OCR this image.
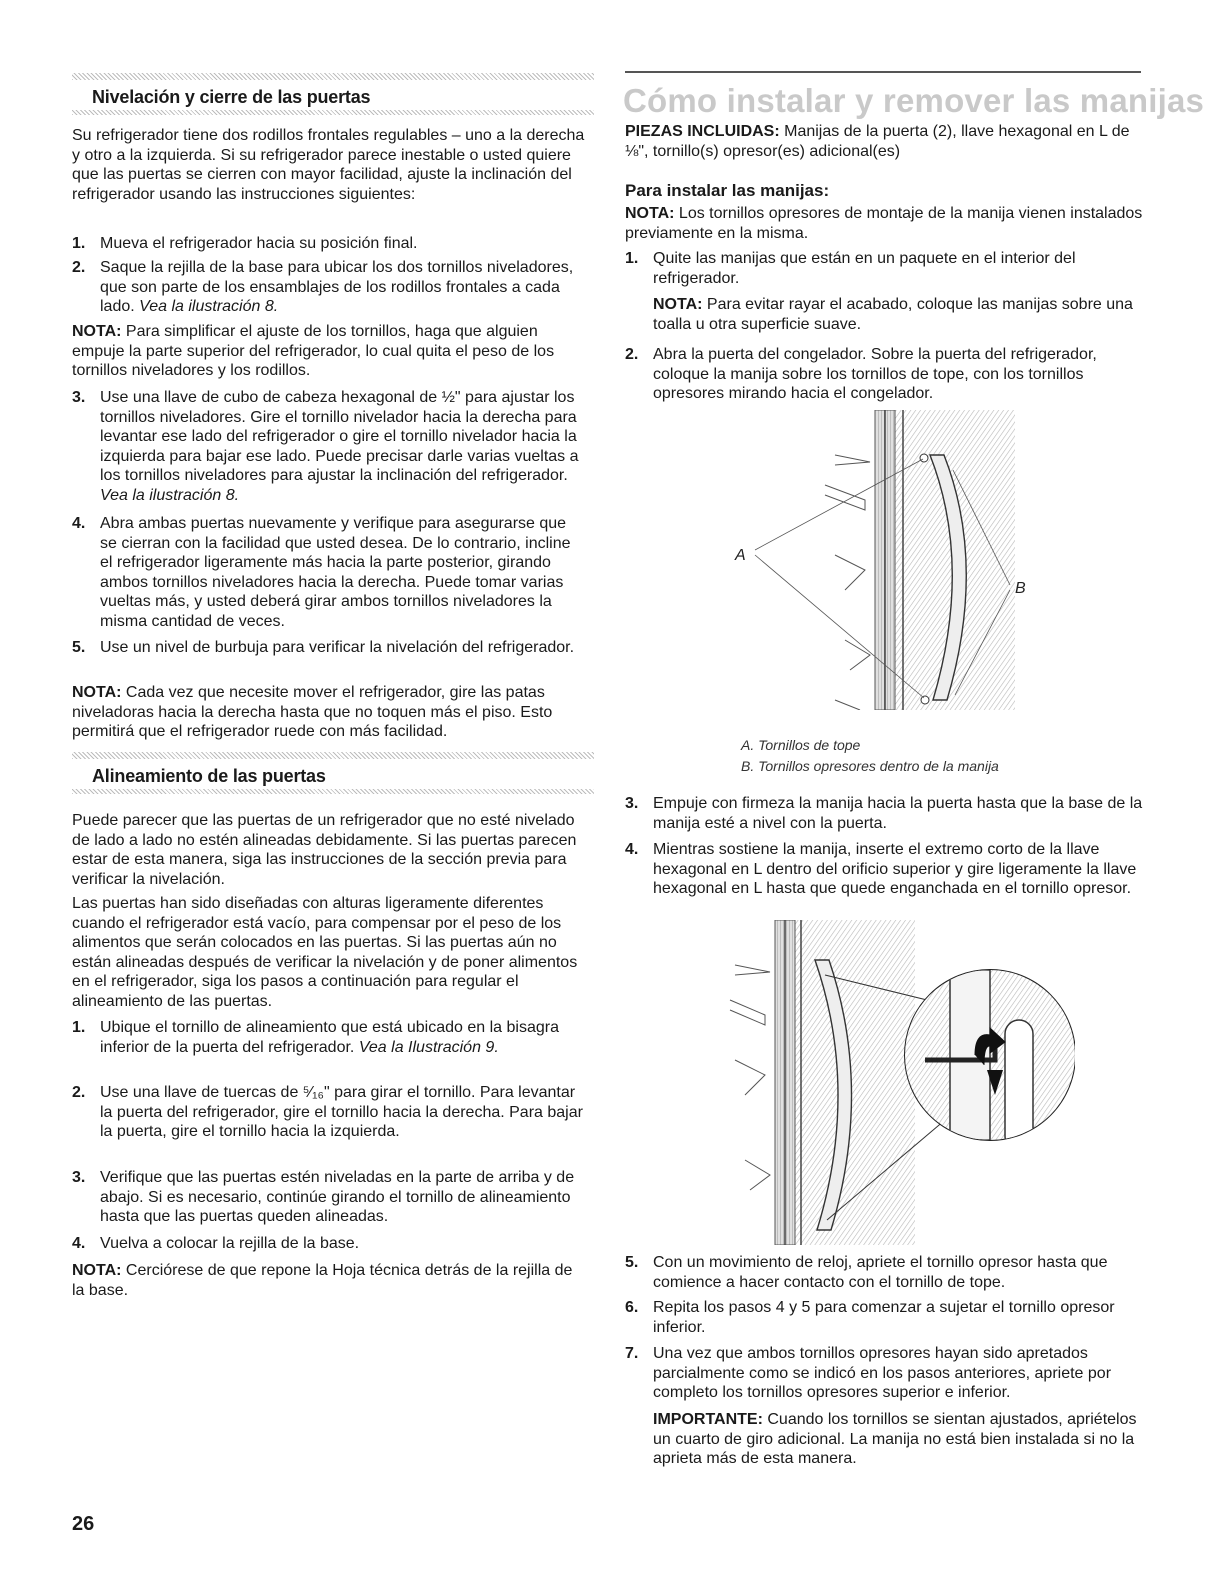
Nivelación y cierre de las puertas
Su refrigerador tiene dos rodillos frontales regulables – uno a la derecha y otro a la izquierda. Si su refrigerador parece inestable o usted quiere que las puertas se cierren con mayor facilidad, ajuste la inclinación del refrigerador usando las instrucciones siguientes:
1. Mueva el refrigerador hacia su posición final.
2. Saque la rejilla de la base para ubicar los dos tornillos niveladores, que son parte de los ensamblajes de los rodillos frontales a cada lado. Vea la ilustración 8.
NOTA: Para simplificar el ajuste de los tornillos, haga que alguien empuje la parte superior del refrigerador, lo cual quita el peso de los tornillos niveladores y los rodillos.
3. Use una llave de cubo de cabeza hexagonal de ½" para ajustar los tornillos niveladores. Gire el tornillo nivelador hacia la derecha para levantar ese lado del refrigerador o gire el tornillo nivelador hacia la izquierda para bajar ese lado. Puede precisar darle varias vueltas a los tornillos niveladores para ajustar la inclinación del refrigerador. Vea la ilustración 8.
4. Abra ambas puertas nuevamente y verifique para asegurarse que se cierran con la facilidad que usted desea. De lo contrario, incline el refrigerador ligeramente más hacia la parte posterior, girando ambos tornillos niveladores hacia la derecha. Puede tomar varias vueltas más, y usted deberá girar ambos tornillos niveladores la misma cantidad de veces.
5. Use un nivel de burbuja para verificar la nivelación del refrigerador.
NOTA: Cada vez que necesite mover el refrigerador, gire las patas niveladoras hacia la derecha hasta que no toquen más el piso. Esto permitirá que el refrigerador ruede con más facilidad.
Alineamiento de las puertas
Puede parecer que las puertas de un refrigerador que no esté nivelado de lado a lado no estén alineadas debidamente. Si las puertas parecen estar de esta manera, siga las instrucciones de la sección previa para verificar la nivelación.
Las puertas han sido diseñadas con alturas ligeramente diferentes cuando el refrigerador está vacío, para compensar por el peso de los alimentos que serán colocados en las puertas. Si las puertas aún no están alineadas después de verificar la nivelación y de poner alimentos en el refrigerador, siga los pasos a continuación para regular el alineamiento de las puertas.
1. Ubique el tornillo de alineamiento que está ubicado en la bisagra inferior de la puerta del refrigerador. Vea la Ilustración 9.
2. Use una llave de tuercas de ⁵⁄₁₆" para girar el tornillo. Para levantar la puerta del refrigerador, gire el tornillo hacia la derecha. Para bajar la puerta, gire el tornillo hacia la izquierda.
3. Verifique que las puertas estén niveladas en la parte de arriba y de abajo. Si es necesario, continúe girando el tornillo de alineamiento hasta que las puertas queden alineadas.
4. Vuelva a colocar la rejilla de la base.
NOTA: Cerciórese de que repone la Hoja técnica detrás de la rejilla de la base.
Cómo instalar y remover las manijas
PIEZAS INCLUIDAS: Manijas de la puerta (2), llave hexagonal en L de ⅛", tornillo(s) opresor(es) adicional(es)
Para instalar las manijas:
NOTA: Los tornillos opresores de montaje de la manija vienen instalados previamente en la misma.
1. Quite las manijas que están en un paquete en el interior del refrigerador.
NOTA: Para evitar rayar el acabado, coloque las manijas sobre una toalla u otra superficie suave.
2. Abra la puerta del congelador. Sobre la puerta del refrigerador, coloque la manija sobre los tornillos de tope, con los tornillos opresores mirando hacia el congelador.
A
B
A. Tornillos de tope
B. Tornillos opresores dentro de la manija
3. Empuje con firmeza la manija hacia la puerta hasta que la base de la manija esté a nivel con la puerta.
4. Mientras sostiene la manija, inserte el extremo corto de la llave hexagonal en L dentro del orificio superior y gire ligeramente la llave hexagonal en L hasta que quede enganchada en el tornillo opresor.
5. Con un movimiento de reloj, apriete el tornillo opresor hasta que comience a hacer contacto con el tornillo de tope.
6. Repita los pasos 4 y 5 para comenzar a sujetar el tornillo opresor inferior.
7. Una vez que ambos tornillos opresores hayan sido apretados parcialmente como se indicó en los pasos anteriores, apriete por completo los tornillos opresores superior e inferior.
IMPORTANTE: Cuando los tornillos se sientan ajustados, apriételos un cuarto de giro adicional. La manija no está bien instalada si no la aprieta más de esta manera.
26
